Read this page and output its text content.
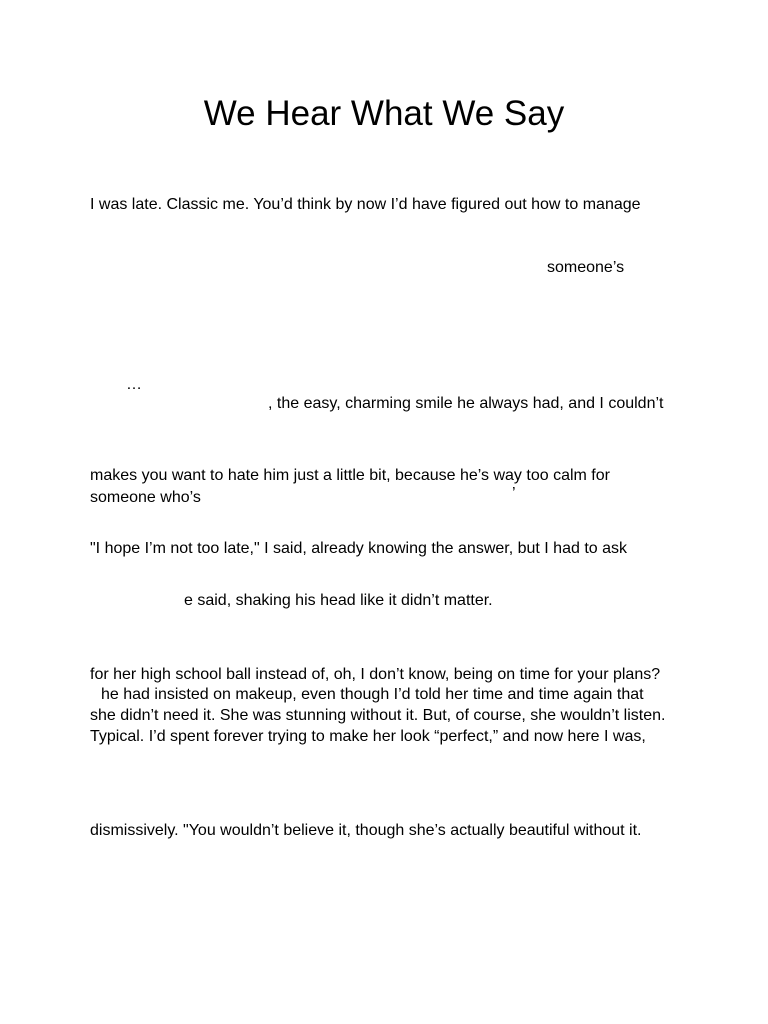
We Hear What We Say

I was late. Classic me. You’d think by now I’d have figured out how to manage

someone’s

…

, the easy, charming smile he always had, and I couldn’t

makes you want to hate him just a little bit, because he’s way too calm for

someone who’s	’

"I hope I’m not too late," I said, already knowing the answer, but I had to ask

e said, shaking his head like it didn’t matter.

for her high school ball instead of, oh, I don’t know, being on time for your plans?

he had insisted on makeup, even though I’d told her time and time again that

she didn’t need it. She was stunning without it. But, of course, she wouldn’t listen.

Typical. I’d spent forever trying to make her look “perfect,” and now here I was,

dismissively. "You wouldn’t believe it, though she’s actually beautiful without it.
